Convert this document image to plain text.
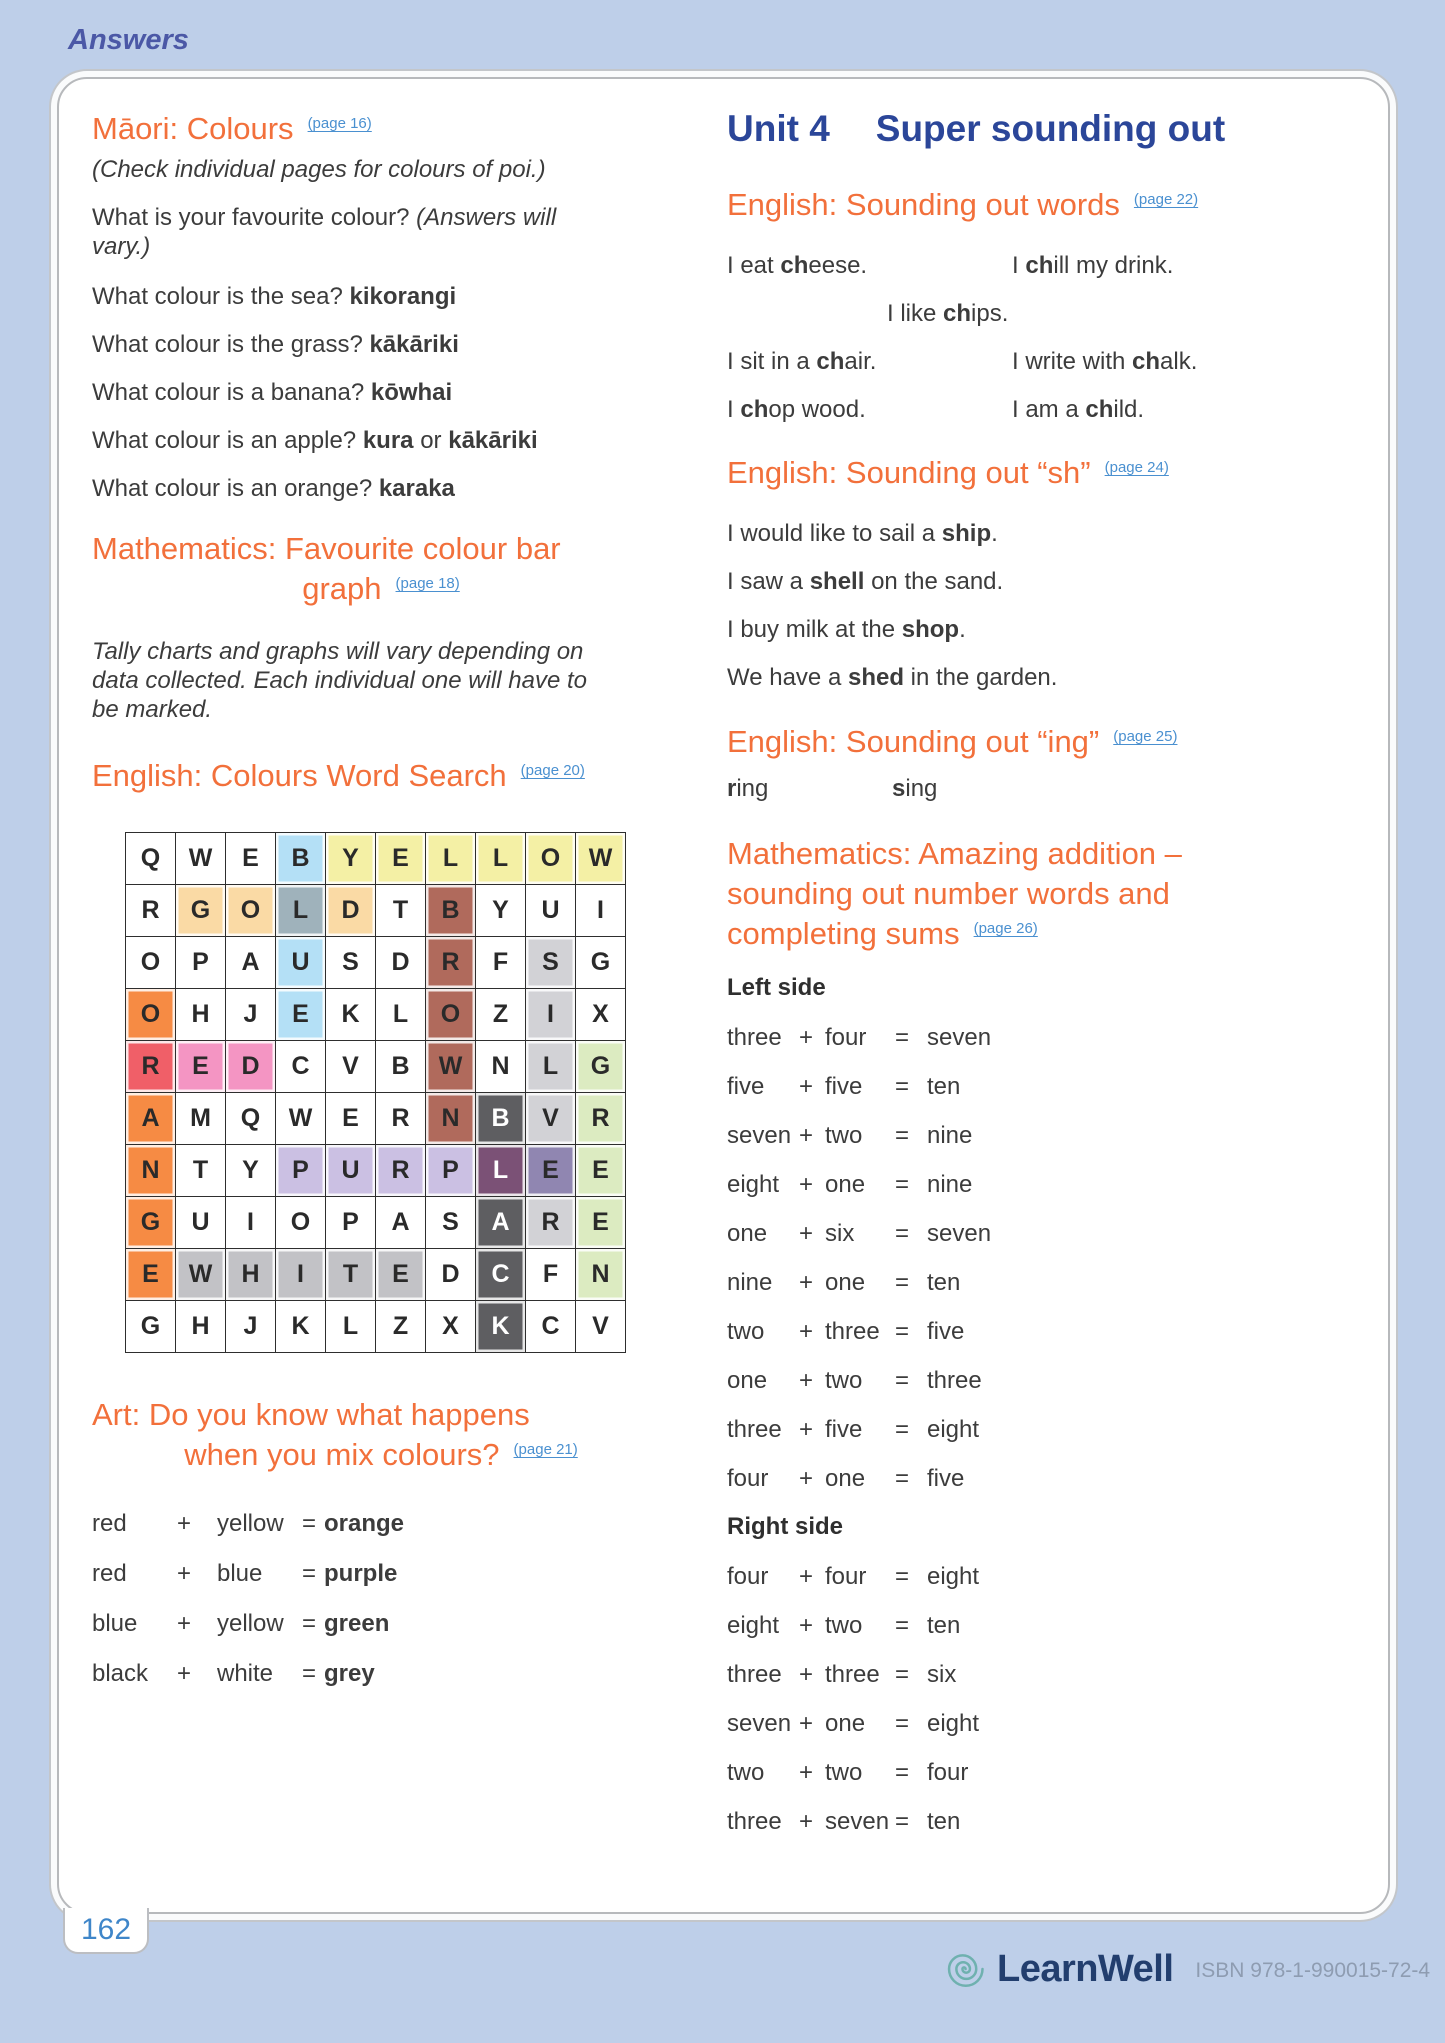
Answers
Māori: Colours $^{(page 16)}$

(Check individual pages for colours of poi.)

What is your favourite colour? (Answers will vary.)

What colour is the sea? kikorangi

What colour is the grass? kākāriki

What colour is a banana? kōwhai

What colour is an apple? kura or kākāriki

What colour is an orange? karaka

Mathematics: Favourite colour bar
graph $^{(page 18)}$

Tally charts and graphs will vary depending on data collected. Each individual one will have to be marked.

English: Colours Word Search $^{(page 20)}$
Q	W	E	B	Y	E	L	L	O	W
R	G	O	L	D	T	B	Y	U	I
O	P	A	U	S	D	R	F	S	G
O	H	J	E	K	L	O	Z	I	X
R	E	D	C	V	B	W	N	L	G
A	M	Q	W	E	R	N	B	V	R
N	T	Y	P	U	R	P	L	E	E
G	U	I	O	P	A	S	A	R	E
E	W	H	I	T	E	D	C	F	N
G	H	J	K	L	Z	X	K	C	V
Art: Do you know what happens
when you mix colours? $^{(page 21)}$
red	+	yellow = orange
red	+	blue	= purple
blue	+	yellow = green
black	+	white	= grey
Unit 4 Super sounding out
English: Sounding out words $^{(page 22)}$
I eat cheese.	I chill my drink.
I like chips.
I sit in a chair.	I write with chalk.
I chop wood.	I am a child.
English: Sounding out “sh” $^{(page 24)}$

I would like to sail a ship.

I saw a shell on the sand.

I buy milk at the shop.

We have a shed in the garden.

English: Sounding out “ing” $^{(page 25)}$
ring	sing
Mathematics: Amazing addition –
sounding out number words and
completing sums $^{(page 26)}$
Left side
three + four	= seven
five	+ five	= ten
seven + two	= nine
eight + one	= nine
one	+ six	= seven
nine	+ one	= ten
two	+ three = five
one	+ two	= three
three + five	= eight
four	+ one	= five
Right side
four	+ four	= eight
eight + two	= ten
three + three = six
seven + one	= eight
two	+ two	= four
three + seven = ten
162
LearnWell ISBN 978-1-990015-72-4
